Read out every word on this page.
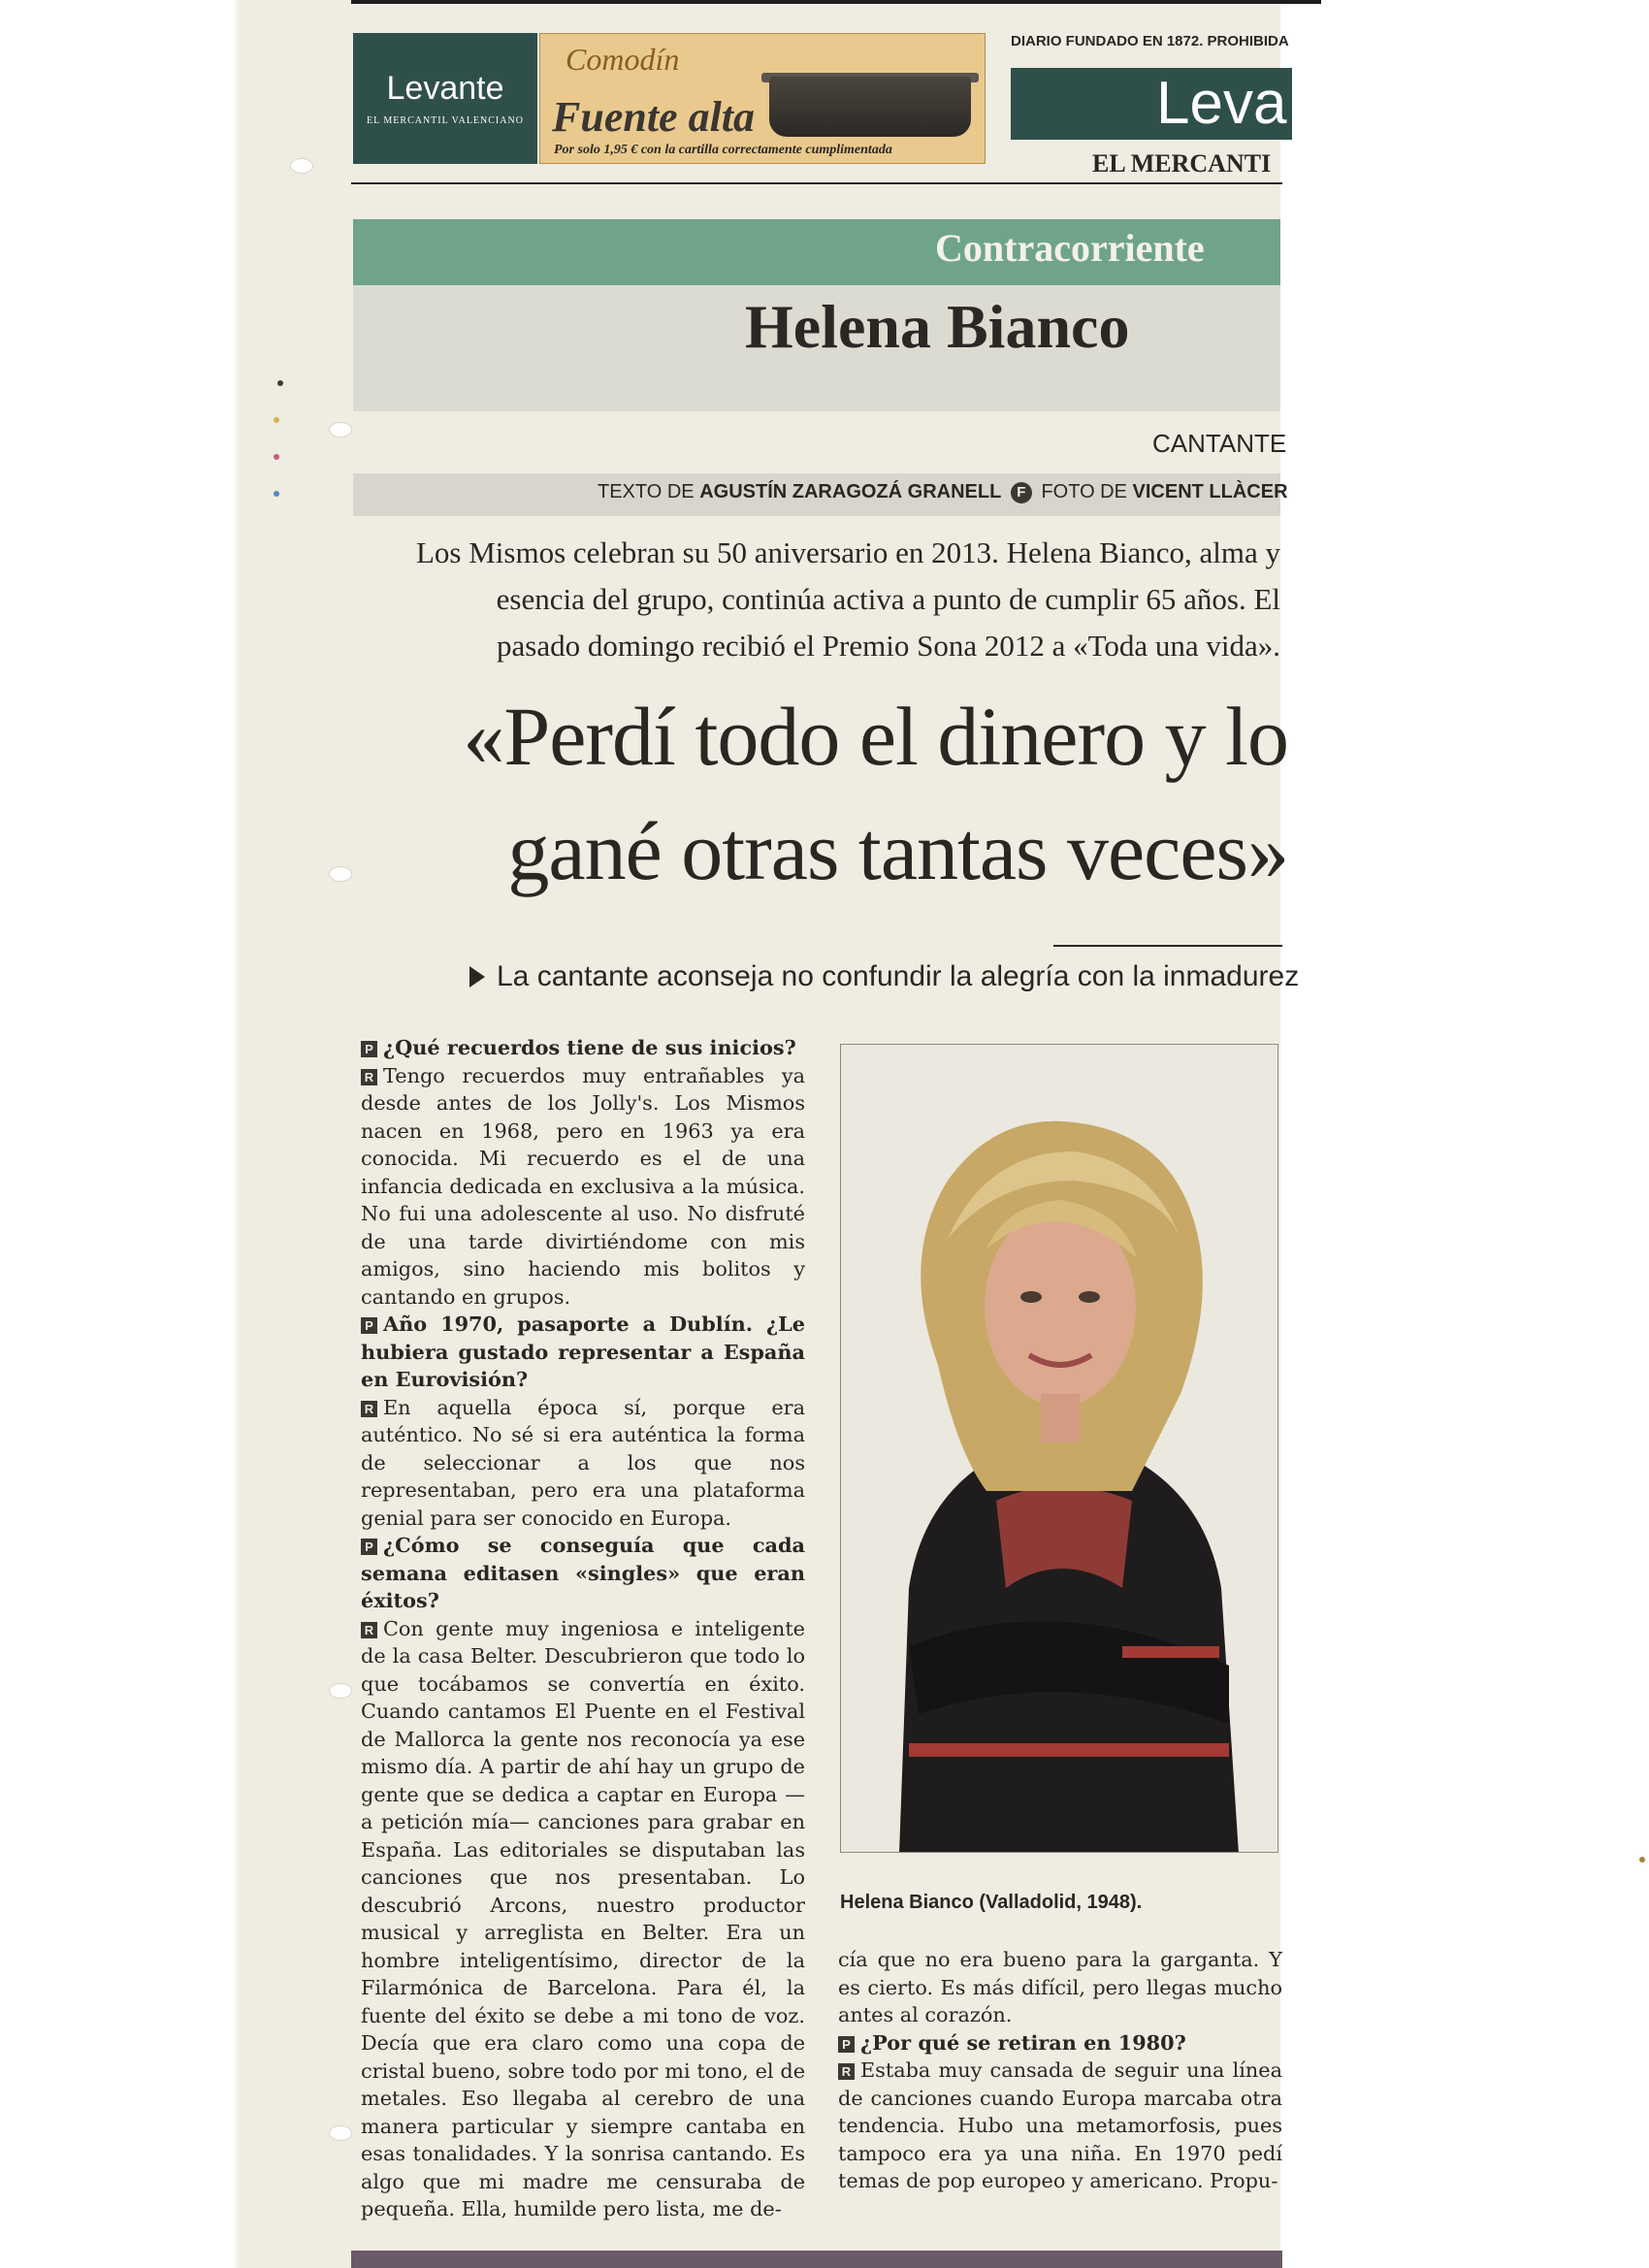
Levante
EL MERCANTIL VALENCIANO
Comodín
Fuente alta
Por solo 1,95 € con la cartilla correctamente cumplimentada
DIARIO FUNDADO EN 1872. PROHIBIDA
Leva
EL MERCANTI
Contracorriente
Helena Bianco
CANTANTE
TEXTO DE AGUSTÍN ZARAGOZÁ GRANELL F FOTO DE VICENT LLÀCER
Los Mismos celebran su 50 aniversario en 2013. Helena Bianco, alma y
esencia del grupo, continúa activa a punto de cumplir 65 años. El
pasado domingo recibió el Premio Sona 2012 a «Toda una vida».
«Perdí todo el dinero y lo
gané otras tantas veces»
La cantante aconseja no confundir la alegría con la inmadurez

P ¿Qué recuerdos tiene de sus inicios?

R Tengo recuerdos muy entrañables ya desde antes de los Jolly's. Los Mismos nacen en 1968, pero en 1963 ya era conocida. Mi recuerdo es el de una infancia dedicada en exclusiva a la música. No fui una adolescente al uso. No disfruté de una tarde divirtiéndome con mis amigos, sino haciendo mis bolitos y cantando en grupos.

P Año 1970, pasaporte a Dublín. ¿Le hubiera gustado representar a España en Eurovisión?

R En aquella época sí, porque era auténtico. No sé si era auténtica la forma de seleccionar a los que nos representaban, pero era una plataforma genial para ser conocido en Europa.

P ¿Cómo se conseguía que cada semana editasen «singles» que eran éxitos?

R Con gente muy ingeniosa e inteligente de la casa Belter. Descubrieron que todo lo que tocábamos se convertía en éxito. Cuando cantamos El Puente en el Festival de Mallorca la gente nos reconocía ya ese mismo día. A partir de ahí hay un grupo de gente que se dedica a captar en Europa —a petición mía— canciones para grabar en España. Las editoriales se disputaban las canciones que nos presentaban. Lo descubrió Arcons, nuestro productor musical y arreglista en Belter. Era un hombre inteligentísimo, director de la Filarmónica de Barcelona. Para él, la fuente del éxito se debe a mi tono de voz. Decía que era claro como una copa de cristal bueno, sobre todo por mi tono, el de metales. Eso llegaba al cerebro de una manera particular y siempre cantaba en esas tonalidades. Y la sonrisa cantando. Es algo que mi madre me censuraba de pequeña. Ella, humilde pero lista, me de-

Helena Bianco (Valladolid, 1948).

cía que no era bueno para la garganta. Y es cierto. Es más difícil, pero llegas mucho antes al corazón.

P ¿Por qué se retiran en 1980?

R Estaba muy cansada de seguir una línea de canciones cuando Europa marcaba otra tendencia. Hubo una metamorfosis, pues tampoco era ya una niña. En 1970 pedí temas de pop europeo y americano. Propu-
